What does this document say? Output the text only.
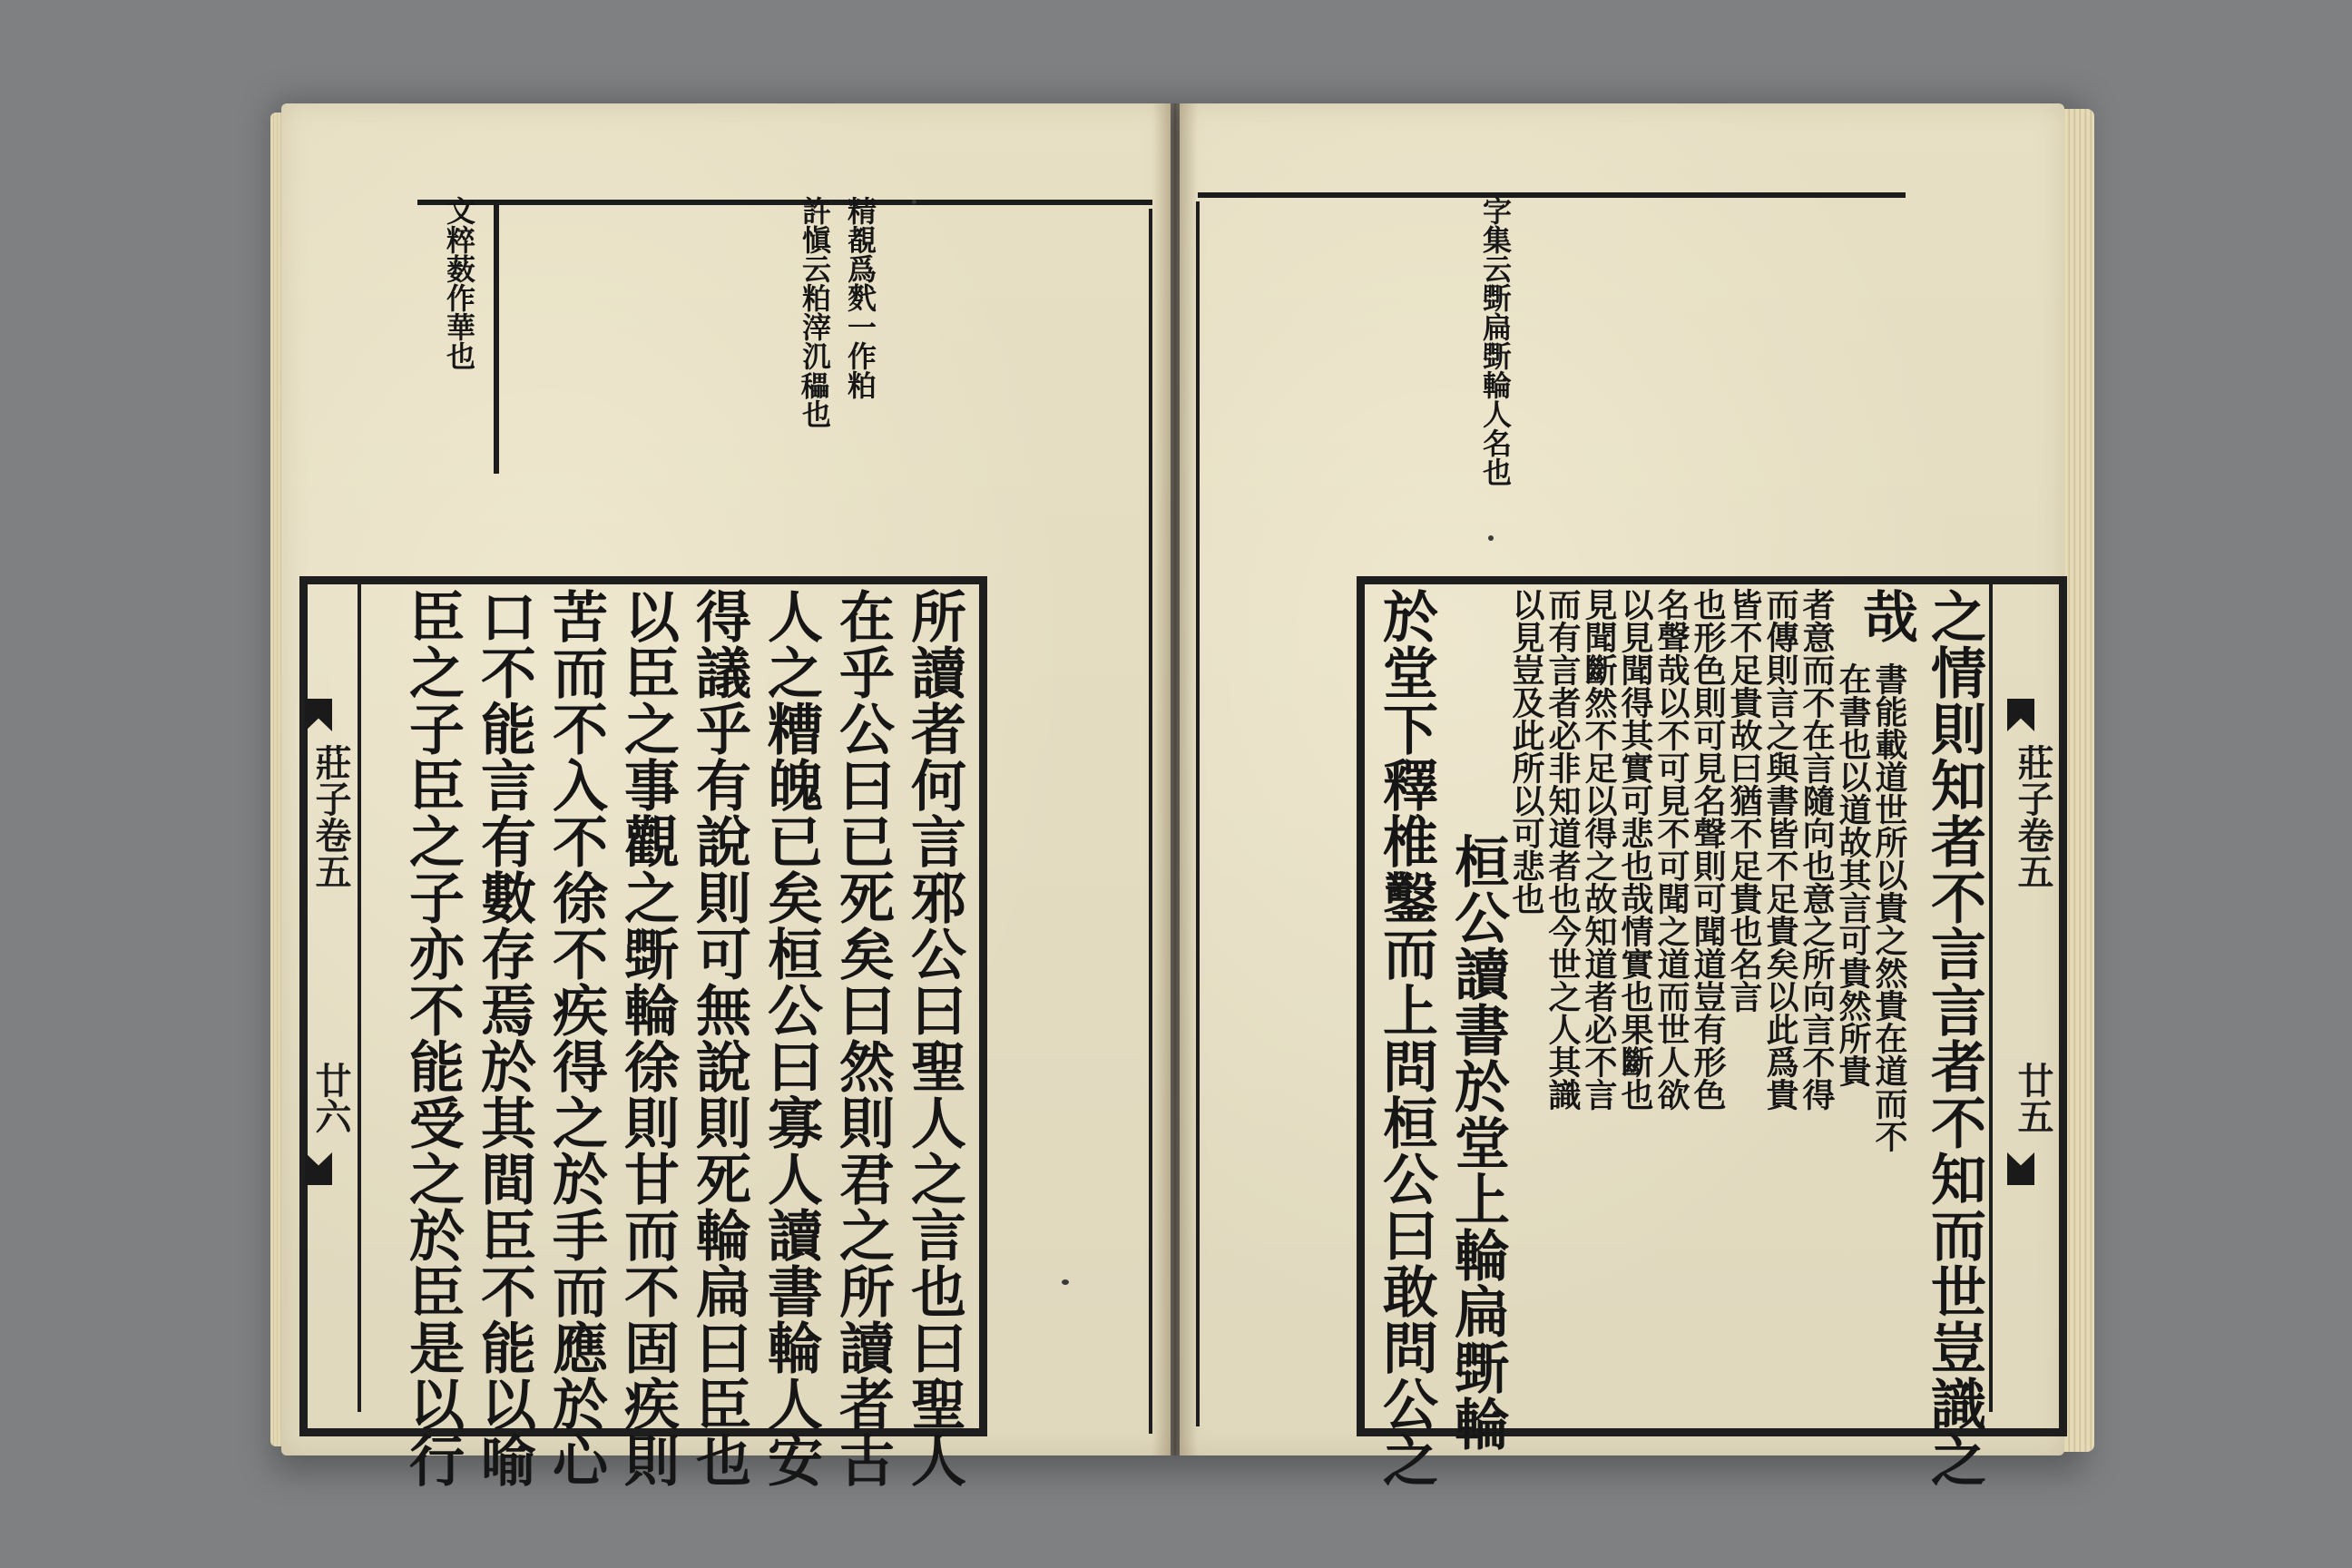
文粹薮作華也	精覩爲䴬一作粕
許愼云粕滓㲹𥣬也
所讀者何言邪公曰聖人之言也曰聖人
在乎公曰已死矣曰然則君之所讀者古
人之糟魄已矣桓公曰寡人讀書輪人安
得議乎有說則可無說則死輪扁曰臣也
以臣之事觀之斲輪徐則甘而不固疾則
苦而不入不徐不疾得之於手而應於心
口不能言有數存焉於其間臣不能以喻
臣之子臣之子亦不能受之於臣是以行
莊子卷五
廿六
字集云斲扁斲輪人名也
之情則知者不言言者不知而世豈識之
哉
書能載道世所以貴之然貴在道而不
在書也以道故其言可貴然所貴
者意而不在言隨向也意之所向言不得
而傳則言之與書皆不足貴矣以此爲貴
皆不足貴故曰猶不足貴也名言
也形色則可見名聲則可聞道豈有形色
名聲哉以不可見不可聞之道而世人欲
以見聞得其實可悲也哉情實也果斷也
見聞斷然不足以得之故知道者必不言
而有言者必非知道者也今世之人其識
以見豈及此所以可悲也
桓公讀書於堂上輪扁斲輪
於堂下釋椎鑿而上問桓公曰敢問公之	莊子卷五
廿五
